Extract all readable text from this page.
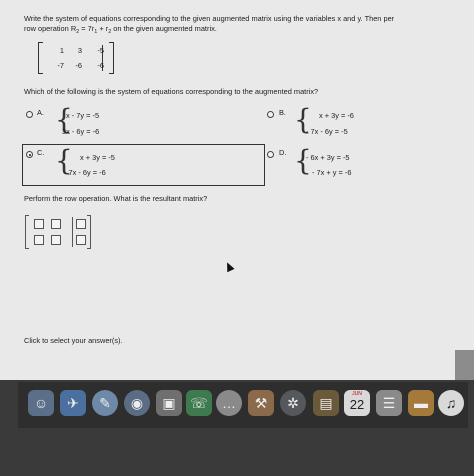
Write the system of equations corresponding to the given augmented matrix using the variables x and y. Then per
row operation $R_2 = 7r_1 + r_2$ on the given augmented matrix.
1	3	-5
-7	-6	-6
Which of the following is the system of equations corresponding to the augmented matrix?
A. {
x - 7y = -5
3x - 6y = -6
B. { x + 3y = -6
- 7x - 6y = -5
C. { x + 3y = -5
- 7x - 6y = -6
D. {
- 6x + 3y = -5
- 7x + y = -6
Perform the row operation. What is the resultant matrix?
Click to select your answer(s).
☺	✈	✎	◉	▣	☏	…	⚒	✲	▤
JUN
22	☰	▬	♫
